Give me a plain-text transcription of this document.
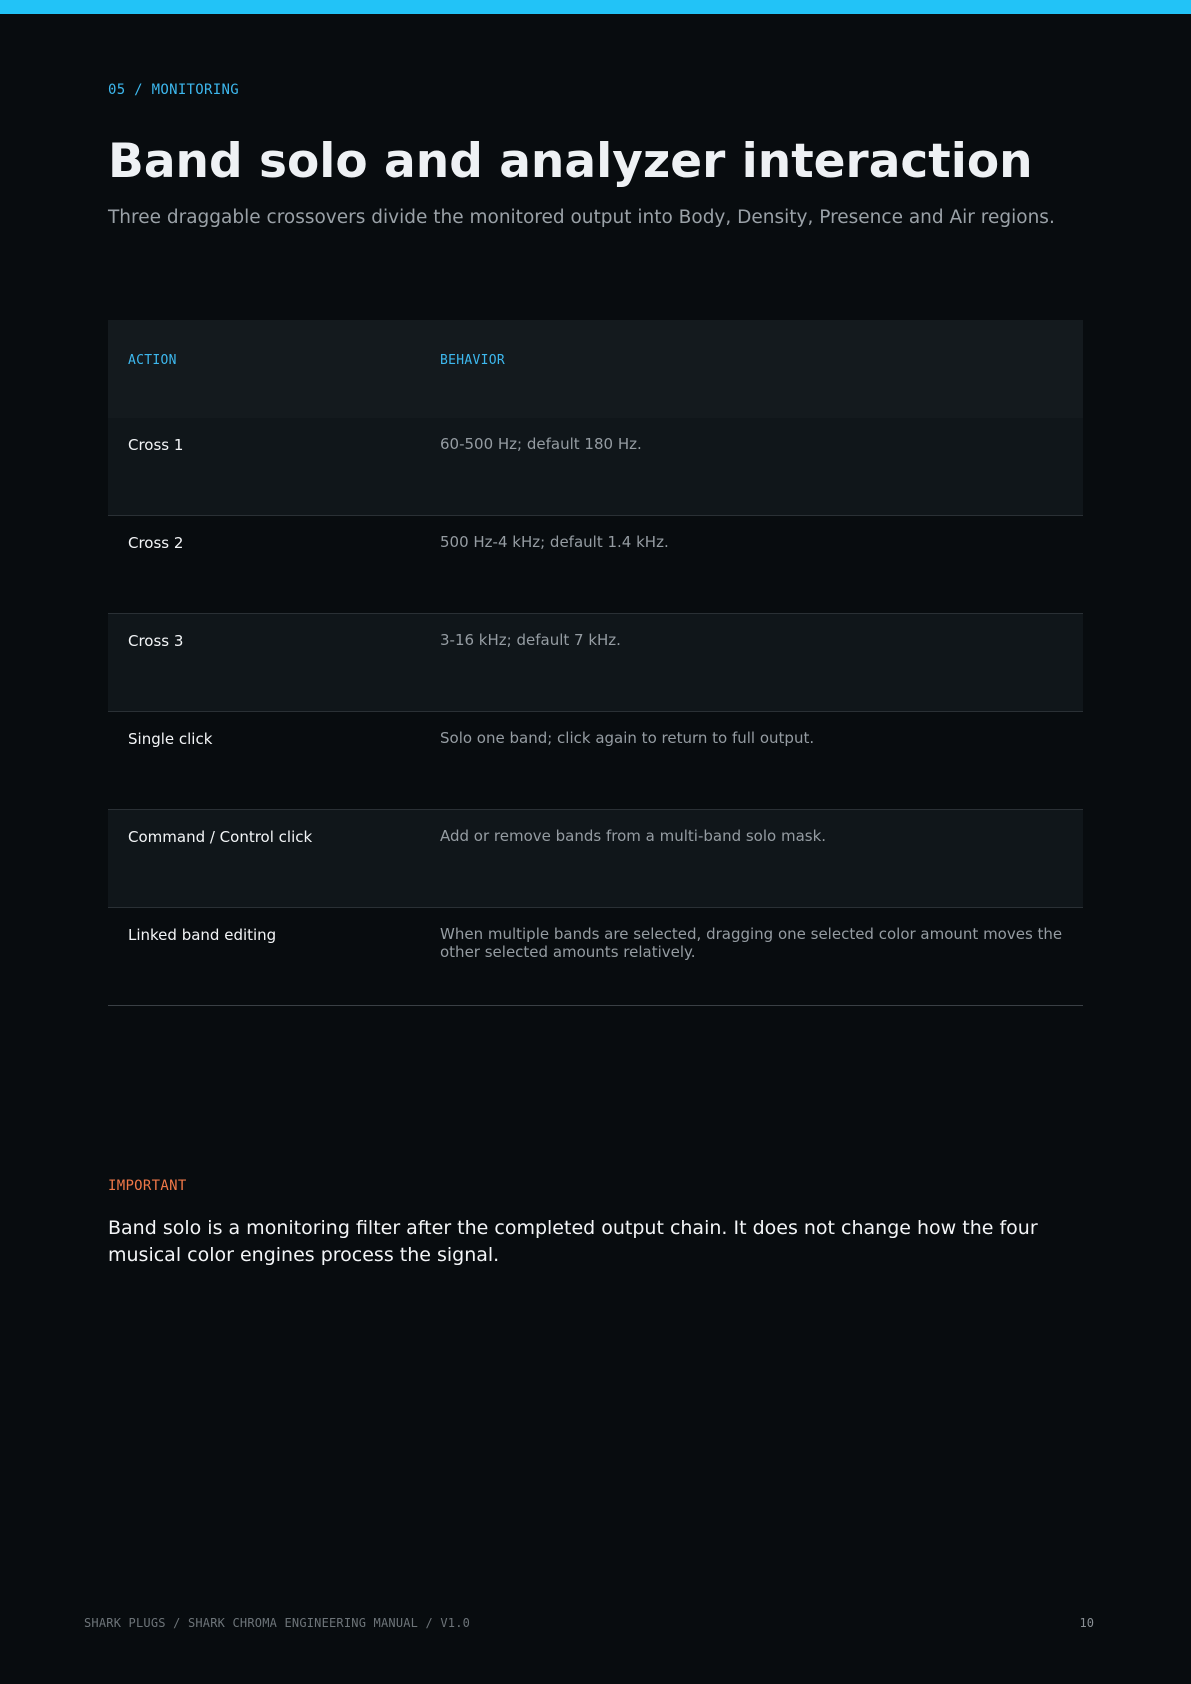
05 / MONITORING
Band solo and analyzer interaction
Three draggable crossovers divide the monitored output into Body, Density, Presence and Air regions.
ACTION	BEHAVIOR
Cross 1	60-500 Hz; default 180 Hz.
Cross 2	500 Hz-4 kHz; default 1.4 kHz.
Cross 3	3-16 kHz; default 7 kHz.
Single click	Solo one band; click again to return to full output.
Command / Control click	Add or remove bands from a multi-band solo mask.
Linked band editing	When multiple bands are selected, dragging one selected color amount moves the other selected amounts relatively.
IMPORTANT
Band solo is a monitoring filter after the completed output chain. It does not change how the four musical color engines process the signal.
SHARK PLUGS / SHARK CHROMA ENGINEERING MANUAL / V1.0	10
